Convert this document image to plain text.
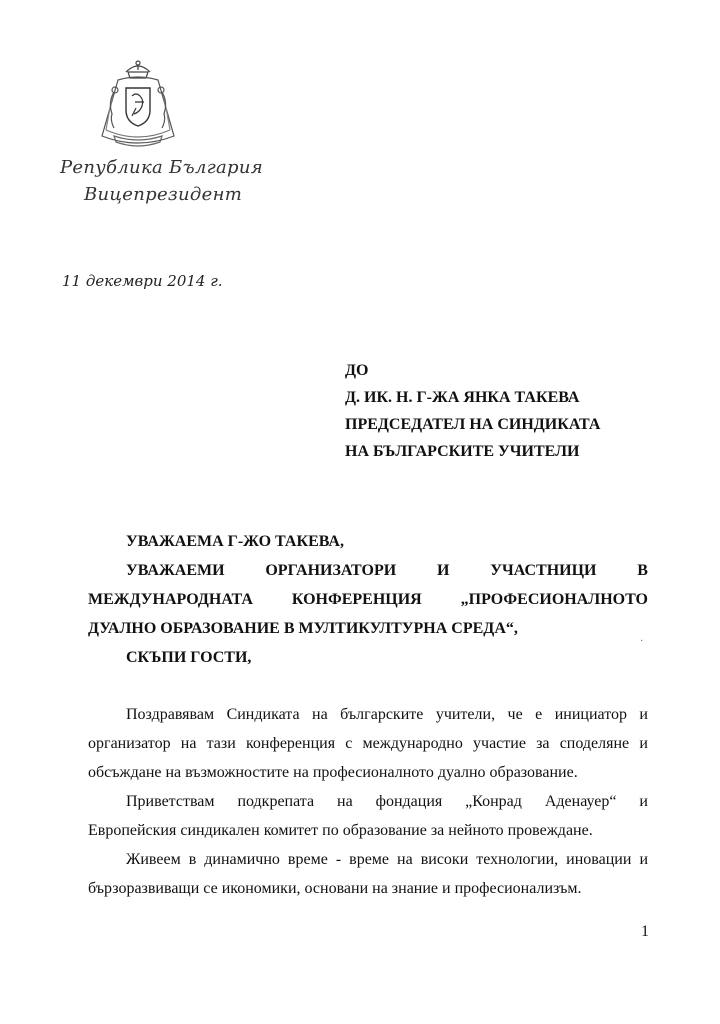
Република България
Вицепрезидент
11 декември 2014 г.
ДО
Д. ИК. Н. Г-ЖА ЯНКА ТАКЕВА
ПРЕДСЕДАТЕЛ НА СИНДИКАТА
НА БЪЛГАРСКИТЕ УЧИТЕЛИ
УВАЖАЕМА Г-ЖО ТАКЕВА,
УВАЖАЕМИ	ОРГАНИЗАТОРИ	И	УЧАСТНИЦИ	В
МЕЖДУНАРОДНАТА КОНФЕРЕНЦИЯ „ПРОФЕСИОНАЛНОТО
ДУАЛНО ОБРАЗОВАНИЕ В МУЛТИКУЛТУРНА СРЕДА“,
СКЪПИ ГОСТИ,
·
Поздравявам Синдиката на българските учители, че е инициатор и
организатор на тази конференция с международно участие за споделяне и
обсъждане на възможностите на професионалното дуално образование.
Приветствам подкрепата на фондация „Конрад Аденауер“ и
Европейския синдикален комитет по образование за нейното провеждане.
Живеем в динамично време - време на високи технологии, иновации и
бързоразвиващи се икономики, основани на знание и професионализъм.
1
